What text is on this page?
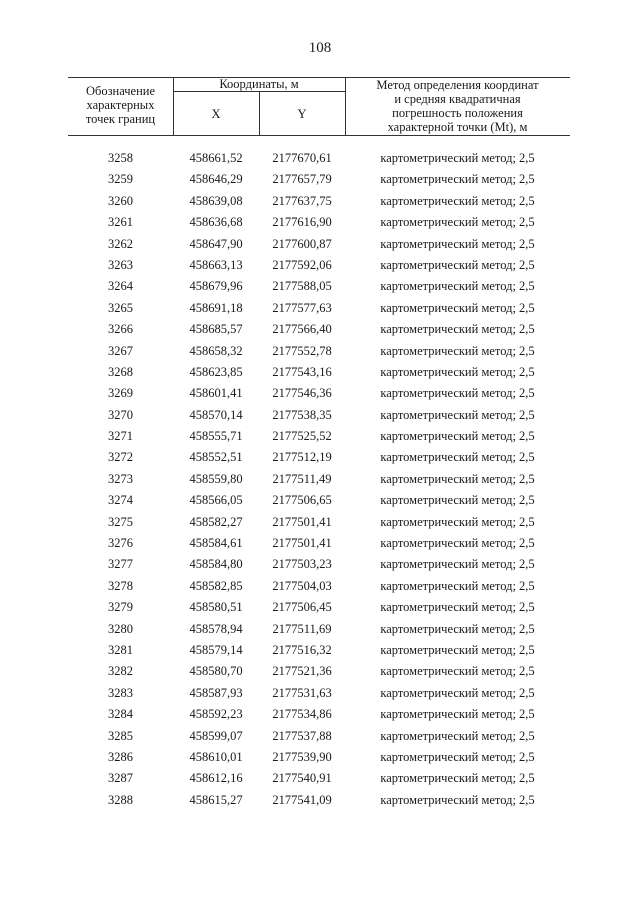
108
Обозначение
характерных
точек границ
Координаты, м
X	Y
Метод определения координат
и средняя квадратичная
погрешность положения
характерной точки (Mt), м
3258	458661,52	2177670,61	картометрический метод; 2,5
3259	458646,29	2177657,79	картометрический метод; 2,5
3260	458639,08	2177637,75	картометрический метод; 2,5
3261	458636,68	2177616,90	картометрический метод; 2,5
3262	458647,90	2177600,87	картометрический метод; 2,5
3263	458663,13	2177592,06	картометрический метод; 2,5
3264	458679,96	2177588,05	картометрический метод; 2,5
3265	458691,18	2177577,63	картометрический метод; 2,5
3266	458685,57	2177566,40	картометрический метод; 2,5
3267	458658,32	2177552,78	картометрический метод; 2,5
3268	458623,85	2177543,16	картометрический метод; 2,5
3269	458601,41	2177546,36	картометрический метод; 2,5
3270	458570,14	2177538,35	картометрический метод; 2,5
3271	458555,71	2177525,52	картометрический метод; 2,5
3272	458552,51	2177512,19	картометрический метод; 2,5
3273	458559,80	2177511,49	картометрический метод; 2,5
3274	458566,05	2177506,65	картометрический метод; 2,5
3275	458582,27	2177501,41	картометрический метод; 2,5
3276	458584,61	2177501,41	картометрический метод; 2,5
3277	458584,80	2177503,23	картометрический метод; 2,5
3278	458582,85	2177504,03	картометрический метод; 2,5
3279	458580,51	2177506,45	картометрический метод; 2,5
3280	458578,94	2177511,69	картометрический метод; 2,5
3281	458579,14	2177516,32	картометрический метод; 2,5
3282	458580,70	2177521,36	картометрический метод; 2,5
3283	458587,93	2177531,63	картометрический метод; 2,5
3284	458592,23	2177534,86	картометрический метод; 2,5
3285	458599,07	2177537,88	картометрический метод; 2,5
3286	458610,01	2177539,90	картометрический метод; 2,5
3287	458612,16	2177540,91	картометрический метод; 2,5
3288	458615,27	2177541,09	картометрический метод; 2,5
